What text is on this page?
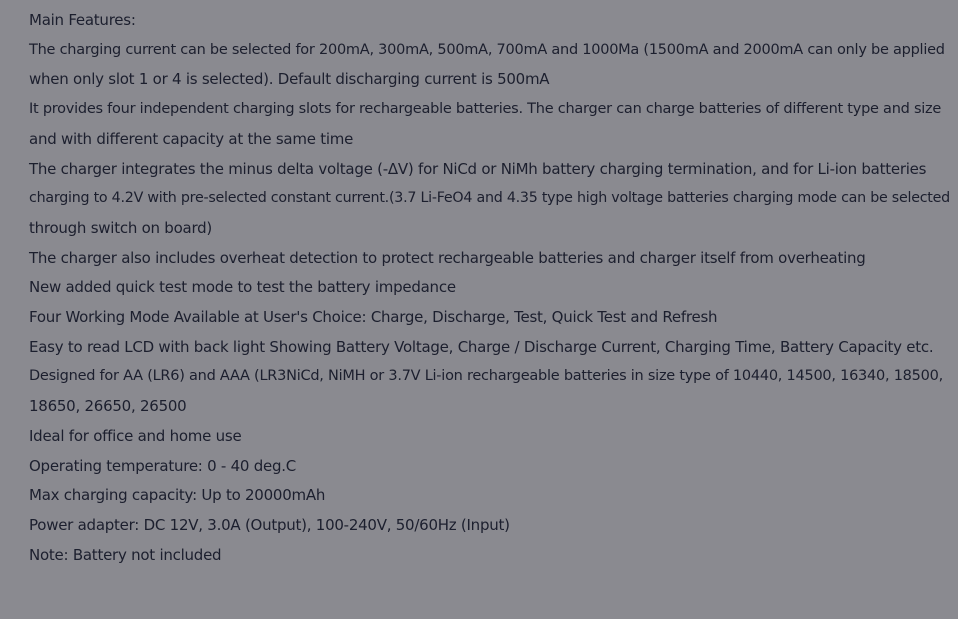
Main Features:
The charging current can be selected for 200mA, 300mA, 500mA, 700mA and 1000Ma (1500mA and 2000mA can only be applied
when only slot 1 or 4 is selected). Default discharging current is 500mA
It provides four independent charging slots for rechargeable batteries. The charger can charge batteries of different type and size
and with different capacity at the same time
The charger integrates the minus delta voltage (-ΔV) for NiCd or NiMh battery charging termination, and for Li-ion batteries
charging to 4.2V with pre-selected constant current.(3.7 Li-FeO4 and 4.35 type high voltage batteries charging mode can be selected
through switch on board)
The charger also includes overheat detection to protect rechargeable batteries and charger itself from overheating
New added quick test mode to test the battery impedance
Four Working Mode Available at User's Choice: Charge, Discharge, Test, Quick Test and Refresh
Easy to read LCD with back light Showing Battery Voltage, Charge / Discharge Current, Charging Time, Battery Capacity etc.
Designed for AA (LR6) and AAA (LR3NiCd, NiMH or 3.7V Li-ion rechargeable batteries in size type of 10440, 14500, 16340, 18500,
18650, 26650, 26500
Ideal for office and home use
Operating temperature: 0 - 40 deg.C
Max charging capacity: Up to 20000mAh
Power adapter: DC 12V, 3.0A (Output), 100-240V, 50/60Hz (Input)
Note: Battery not included
